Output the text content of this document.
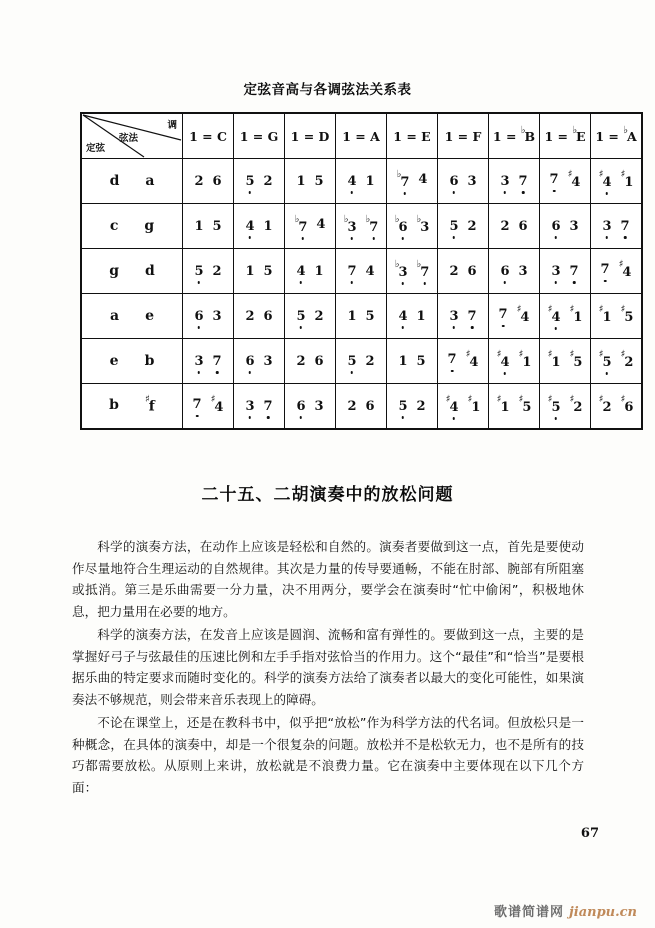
定弦音高与各调弦法关系表
调
弦法
定弦	1 = C	1 = G	1 = D	1 = A	1 = E	1 = F	1 = ♭B	1 = ♭E	1 = ♭A

d a	2 6	5 2	1 5	4 1	♭7 4	6 3	3 7	7 ♯4	♯4 ♯1

c g	1 5	4 1	♭7 4	♭3 ♭7	♭6 ♭3	5 2	2 6	6 3	3 7

g d	5 2	1 5	4 1	7 4	♭3 ♭7	2 6	6 3	3 7	7 ♯4

a e	6 3	2 6	5 2	1 5	4 1	3 7	7 ♯4	♯4 ♯1	♯1 ♯5

e b	3 7	6 3	2 6	5 2	1 5	7 ♯4	♯4 ♯1	♯1 ♯5	♯5 ♯2

b ♯f	7 ♯4	3 7	6 3	2 6	5 2	♯4 ♯1	♯1 ♯5	♯5 ♯2	♯2 ♯6
二十五、二胡演奏中的放松问题

科学的演奏方法，在动作上应该是轻松和自然的。演奏者要做到这一点，首先是要使动作尽量地符合生理运动的自然规律。其次是力量的传导要通畅，不能在肘部、腕部有所阻塞或抵消。第三是乐曲需要一分力量，决不用两分，要学会在演奏时“忙中偷闲”，积极地休息，把力量用在必要的地方。

科学的演奏方法，在发音上应该是圆润、流畅和富有弹性的。要做到这一点，主要的是掌握好弓子与弦最佳的压速比例和左手手指对弦恰当的作用力。这个“最佳”和“恰当”是要根据乐曲的特定要求而随时变化的。科学的演奏方法给了演奏者以最大的变化可能性，如果演奏法不够规范，则会带来音乐表现上的障碍。

不论在课堂上，还是在教科书中，似乎把“放松”作为科学方法的代名词。但放松只是一种概念，在具体的演奏中，却是一个很复杂的问题。放松并不是松软无力，也不是所有的技巧都需要放松。从原则上来讲，放松就是不浪费力量。它在演奏中主要体现在以下几个方面：

67
歌谱简谱网 jianpu.cn
